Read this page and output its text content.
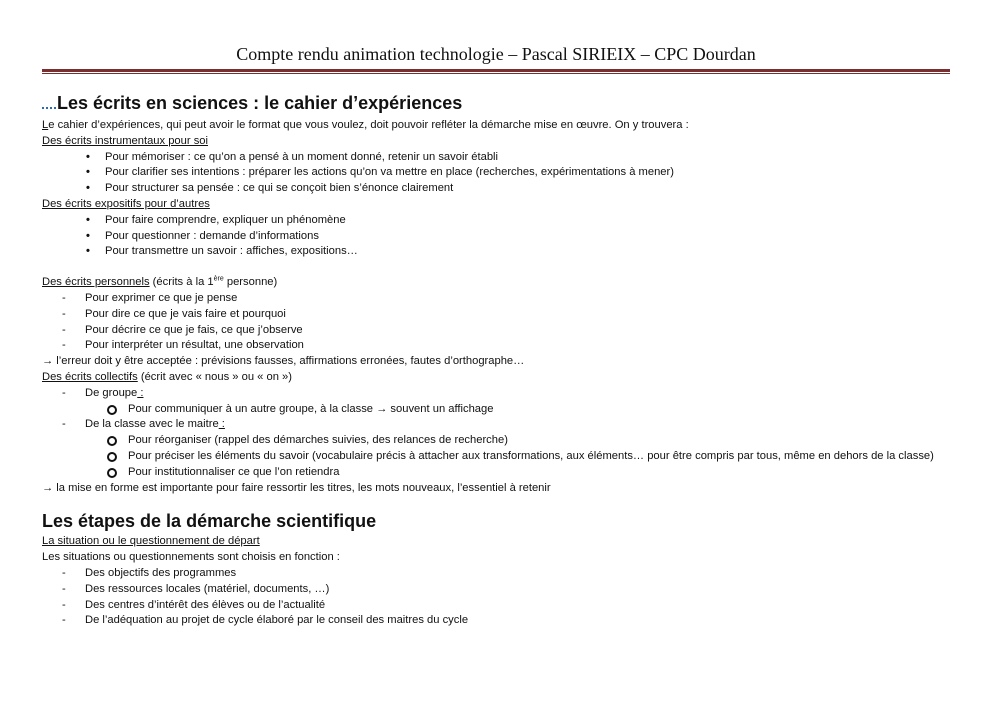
Compte rendu animation technologie – Pascal SIRIEIX – CPC Dourdan
Les écrits en sciences : le cahier d’expériences
Le cahier d’expériences, qui peut avoir le format que vous voulez, doit pouvoir refléter la démarche mise en œuvre. On y trouvera :
Des écrits instrumentaux pour soi
• Pour mémoriser : ce qu’on a pensé à un moment donné, retenir un savoir établi
• Pour clarifier ses intentions : préparer les actions qu’on va mettre en place (recherches, expérimentations à mener)
• Pour structurer sa pensée : ce qui se conçoit bien s’énonce clairement
Des écrits expositifs pour d’autres
• Pour faire comprendre, expliquer un phénomène
• Pour questionner : demande d’informations
• Pour transmettre un savoir : affiches, expositions…
Des écrits personnels (écrits à la 1ère personne)
- Pour exprimer ce que je pense
- Pour dire ce que je vais faire et pourquoi
- Pour décrire ce que je fais, ce que j’observe
- Pour interpréter un résultat, une observation
→ l’erreur doit y être acceptée : prévisions fausses, affirmations erronées, fautes d’orthographe…
Des écrits collectifs (écrit avec « nous » ou « on »)
- De groupe :
Pour communiquer à un autre groupe, à la classe → souvent un affichage
- De la classe avec le maitre :
Pour réorganiser (rappel des démarches suivies, des relances de recherche)
Pour préciser les éléments du savoir (vocabulaire précis à attacher aux transformations, aux éléments… pour être compris par tous, même en dehors de la classe)
Pour institutionnaliser ce que l’on retiendra
→ la mise en forme est importante pour faire ressortir les titres, les mots nouveaux, l’essentiel à retenir
Les étapes de la démarche scientifique
La situation ou le questionnement de départ
Les situations ou questionnements sont choisis en fonction :
- Des objectifs des programmes
- Des ressources locales (matériel, documents, …)
- Des centres d’intérêt des élèves ou de l’actualité
- De l’adéquation au projet de cycle élaboré par le conseil des maitres du cycle
